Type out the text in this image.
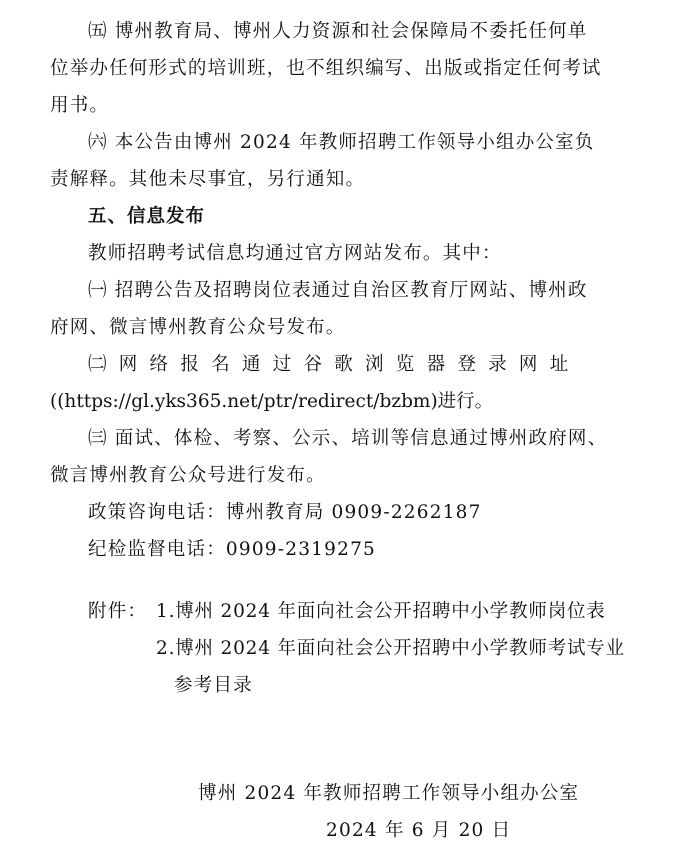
㈤ 博州教育局、博州人力资源和社会保障局不委托任何单
位举办任何形式的培训班，也不组织编写、出版或指定任何考试
用书。
㈥ 本公告由博州 2024 年教师招聘工作领导小组办公室负
责解释。其他未尽事宜，另行通知。
五、信息发布
教师招聘考试信息均通过官方网站发布。其中：
㈠ 招聘公告及招聘岗位表通过自治区教育厅网站、博州政
府网、微言博州教育公众号发布。
㈡ 网 络 报 名 通 过 谷 歌 浏 览 器 登 录 网 址
((https://gl.yks365.net/ptr/redirect/bzbm)进行。
㈢ 面试、体检、考察、公示、培训等信息通过博州政府网、
微言博州教育公众号进行发布。
政策咨询电话：博州教育局 0909-2262187
纪检监督电话：0909-2319275
附件： 1.博州 2024 年面向社会公开招聘中小学教师岗位表
2.博州 2024 年面向社会公开招聘中小学教师考试专业
参考目录
博州 2024 年教师招聘工作领导小组办公室
2024 年 6 月 20 日
